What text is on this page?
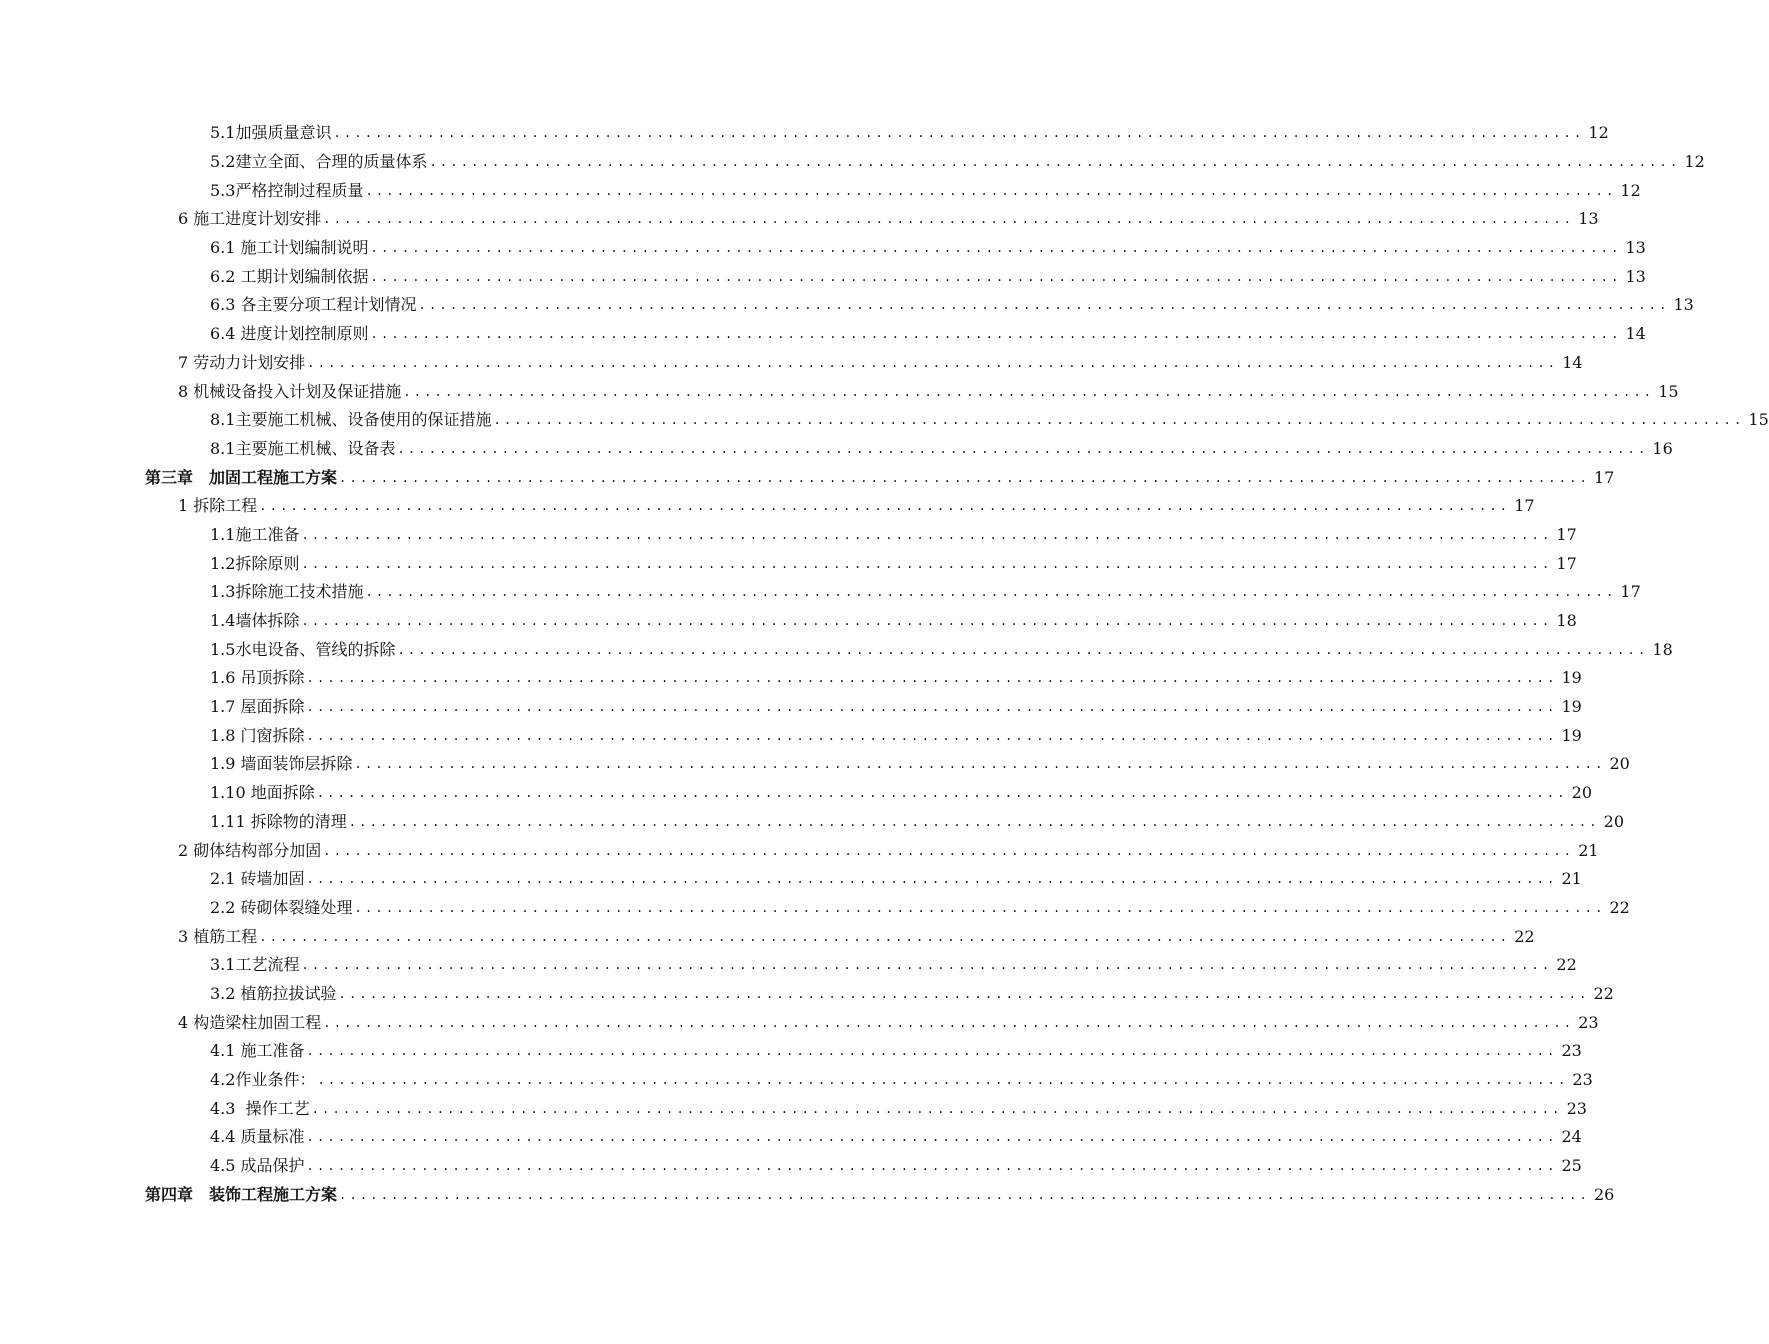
5.1加强质量意识 ........................................................................................................................ 12
5.2建立全面、合理的质量体系 ........................................................................................................................ 12
5.3严格控制过程质量 ........................................................................................................................ 12
6 施工进度计划安排 ........................................................................................................................ 13
6.1 施工计划编制说明 ........................................................................................................................ 13
6.2 工期计划编制依据 ........................................................................................................................ 13
6.3 各主要分项工程计划情况 ........................................................................................................................ 13
6.4 进度计划控制原则 ........................................................................................................................ 14
7 劳动力计划安排 ........................................................................................................................ 14
8 机械设备投入计划及保证措施 ........................................................................................................................ 15
8.1主要施工机械、设备使用的保证措施 ........................................................................................................................ 15
8.1主要施工机械、设备表 ........................................................................................................................ 16
第三章　加固工程施工方案 ........................................................................................................................ 17
1 拆除工程 ........................................................................................................................ 17
1.1施工准备 ........................................................................................................................ 17
1.2拆除原则 ........................................................................................................................ 17
1.3拆除施工技术措施 ........................................................................................................................ 17
1.4墙体拆除 ........................................................................................................................ 18
1.5水电设备、管线的拆除 ........................................................................................................................ 18
1.6 吊顶拆除 ........................................................................................................................ 19
1.7 屋面拆除 ........................................................................................................................ 19
1.8 门窗拆除 ........................................................................................................................ 19
1.9 墙面装饰层拆除 ........................................................................................................................ 20
1.10 地面拆除 ........................................................................................................................ 20
1.11 拆除物的清理 ........................................................................................................................ 20
2 砌体结构部分加固 ........................................................................................................................ 21
2.1 砖墙加固 ........................................................................................................................ 21
2.2 砖砌体裂缝处理 ........................................................................................................................ 22
3 植筋工程 ........................................................................................................................ 22
3.1工艺流程 ........................................................................................................................ 22
3.2 植筋拉拔试验 ........................................................................................................................ 22
4 构造梁柱加固工程 ........................................................................................................................ 23
4.1 施工准备 ........................................................................................................................ 23
4.2作业条件： ........................................................................................................................ 23
4.3  操作工艺 ........................................................................................................................ 23
4.4 质量标准 ........................................................................................................................ 24
4.5 成品保护 ........................................................................................................................ 25
第四章　装饰工程施工方案 ........................................................................................................................ 26
